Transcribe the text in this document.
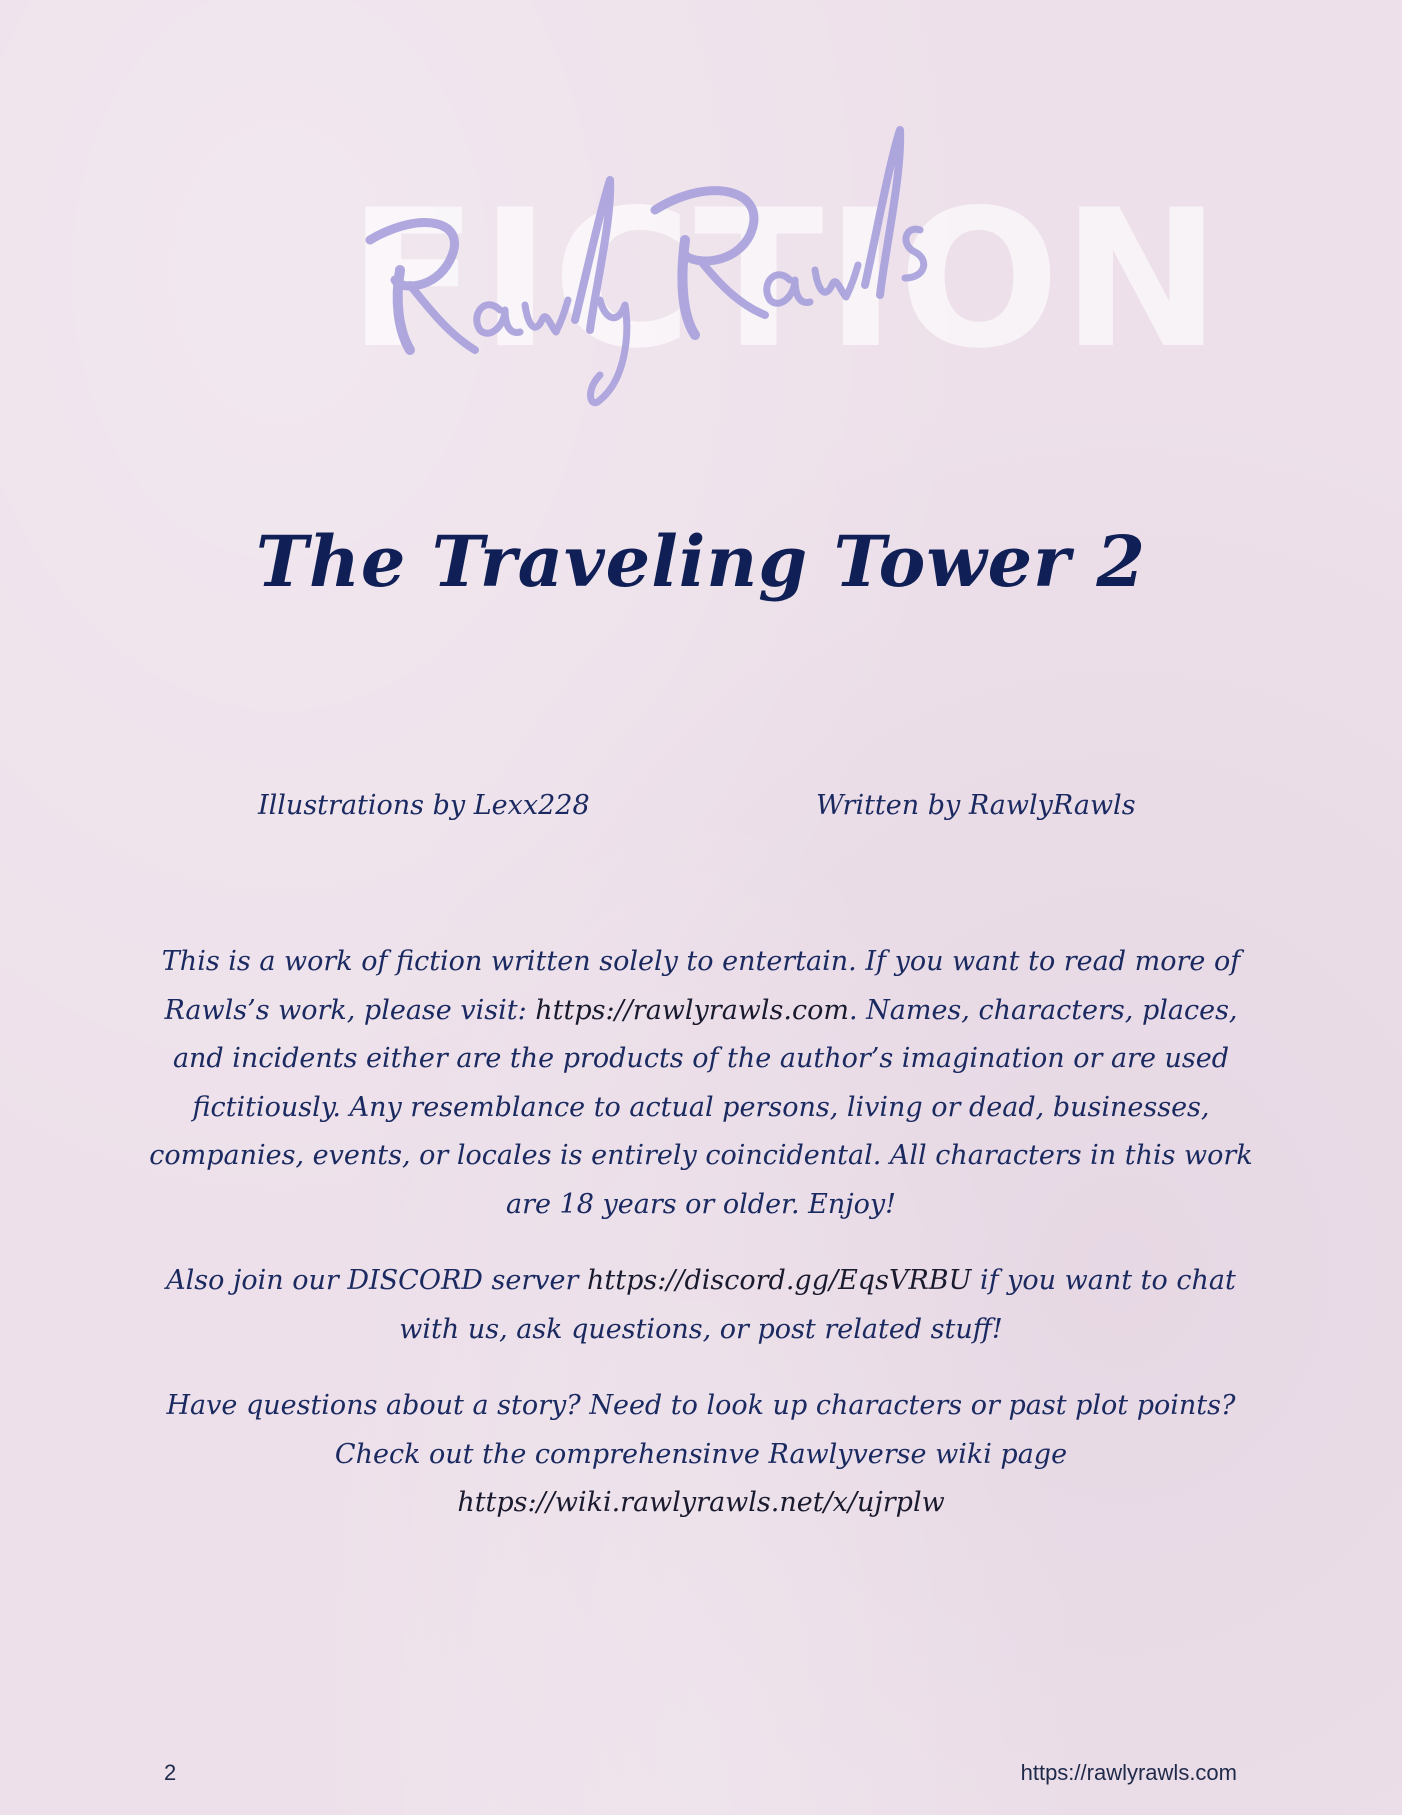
FICTION
The Traveling Tower 2
Illustrations by Lexx228	Written by RawlyRawls
This is a work of fiction written solely to entertain. If you want to read more of Rawls’s work, please visit: https://rawlyrawls.com. Names, characters, places, and incidents either are the products of the author’s imagination or are used fictitiously. Any resemblance to actual persons, living or dead, businesses, companies, events, or locales is entirely coincidental. All characters in this work are 18 years or older. Enjoy!
Also join our DISCORD server https://discord.gg/EqsVRBU if you want to chat with us, ask questions, or post related stuff!
Have questions about a story? Need to look up characters or past plot points? Check out the comprehensinve Rawlyverse wiki page
https://wiki.rawlyrawls.net/x/ujrplw
2	https://rawlyrawls.com
